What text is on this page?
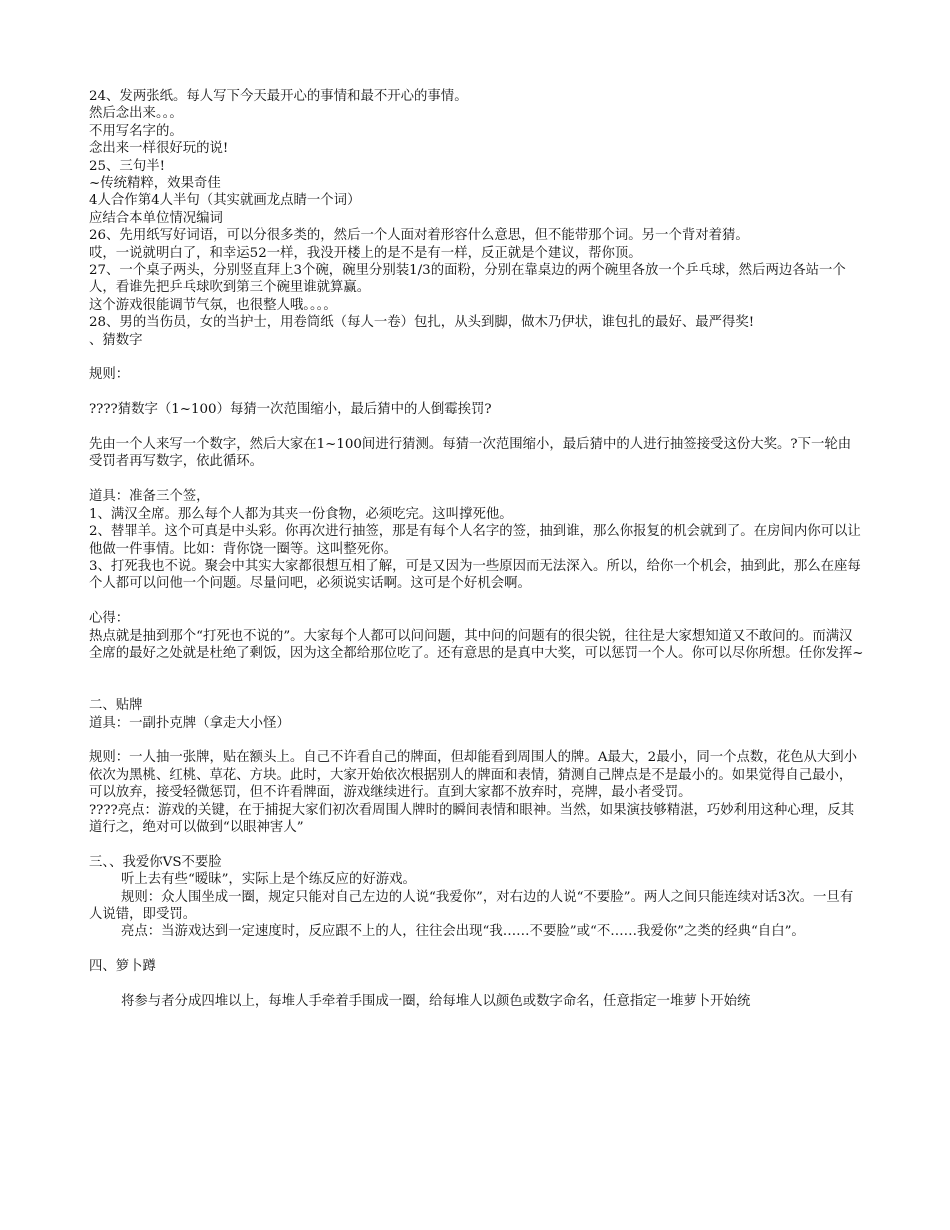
24、发两张纸。每人写下今天最开心的事情和最不开心的事情。
然后念出来。。。
不用写名字的。
念出来一样很好玩的说!
25、三句半!
~传统精粹，效果奇佳
4人合作第4人半句（其实就画龙点睛一个词）
应结合本单位情况编词
26、先用纸写好词语，可以分很多类的，然后一个人面对着形容什么意思，但不能带那个词。另一个背对着猜。
哎，一说就明白了，和幸运52一样，我没开楼上的是不是有一样，反正就是个建议，帮你顶。
27、一个桌子两头，分别竖直拜上3个碗，碗里分别装1/3的面粉，分别在靠桌边的两个碗里各放一个乒乓球，然后两边各站一个人，看谁先把乒乓球吹到第三个碗里谁就算赢。
这个游戏很能调节气氛，也很整人哦。。。。
28、男的当伤员，女的当护士，用卷筒纸（每人一卷）包扎，从头到脚，做木乃伊状，谁包扎的最好、最严得奖!
、猜数字
规则：
????猜数字（1~100）每猜一次范围缩小，最后猜中的人倒霉挨罚?
先由一个人来写一个数字，然后大家在1~100间进行猜测。每猜一次范围缩小，最后猜中的人进行抽签接受这份大奖。?下一轮由受罚者再写数字，依此循环。
道具：准备三个签，
1、满汉全席。那么每个人都为其夹一份食物，必须吃完。这叫撑死他。
2、替罪羊。这个可真是中头彩。你再次进行抽签，那是有每个人名字的签，抽到谁，那么你报复的机会就到了。在房间内你可以让他做一件事情。比如：背你饶一圈等。这叫整死你。
3、打死我也不说。聚会中其实大家都很想互相了解，可是又因为一些原因而无法深入。所以，给你一个机会，抽到此，那么在座每个人都可以问他一个问题。尽量问吧，必须说实话啊。这可是个好机会啊。
心得：
热点就是抽到那个“打死也不说的”。大家每个人都可以问问题，其中问的问题有的很尖锐，往往是大家想知道又不敢问的。而满汉全席的最好之处就是杜绝了剩饭，因为这全都给那位吃了。还有意思的是真中大奖，可以惩罚一个人。你可以尽你所想。任你发挥~
二、贴牌
道具：一副扑克牌（拿走大小怪）
规则：一人抽一张牌，贴在额头上。自己不许看自己的牌面，但却能看到周围人的牌。A最大，2最小，同一个点数，花色从大到小依次为黑桃、红桃、草花、方块。此时，大家开始依次根据别人的牌面和表情，猜测自己牌点是不是最小的。如果觉得自己最小，可以放弃，接受轻微惩罚，但不许看牌面，游戏继续进行。直到大家都不放弃时，亮牌，最小者受罚。
????亮点：游戏的关键，在于捕捉大家们初次看周围人牌时的瞬间表情和眼神。当然，如果演技够精湛，巧妙利用这种心理，反其道行之，绝对可以做到“以眼神害人”
三、、我爱你VS不要脸
听上去有些“暧昧”，实际上是个练反应的好游戏。
规则：众人围坐成一圈，规定只能对自己左边的人说“我爱你”，对右边的人说“不要脸”。两人之间只能连续对话3次。一旦有人说错，即受罚。
亮点：当游戏达到一定速度时，反应跟不上的人，往往会出现“我……不要脸”或“不……我爱你”之类的经典“自白”。
四、箩卜蹲
将参与者分成四堆以上，每堆人手牵着手围成一圈，给每堆人以颜色或数字命名，任意指定一堆萝卜开始统
